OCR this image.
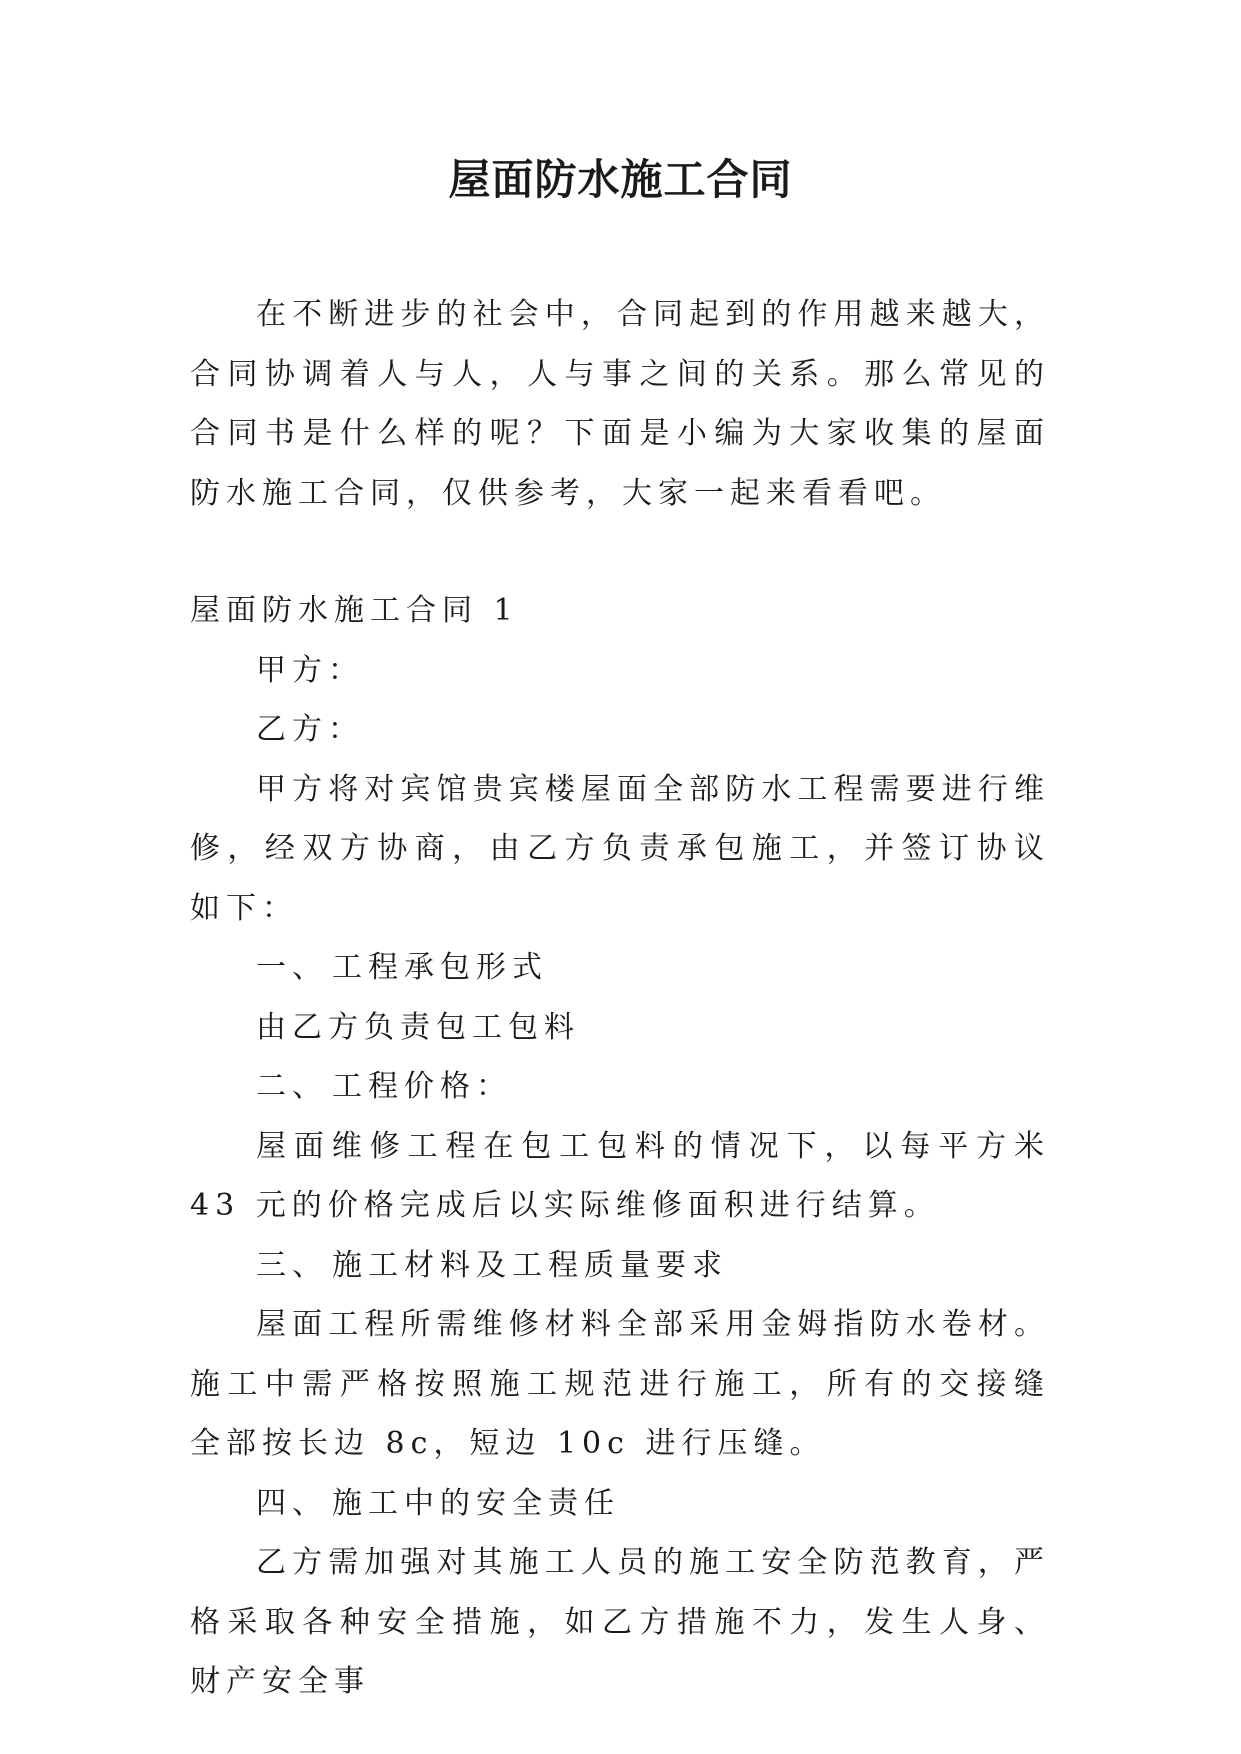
屋面防水施工合同

在不断进步的社会中，合同起到的作用越来越大，合同协调着人与人，人与事之间的关系。那么常见的合同书是什么样的呢？下面是小编为大家收集的屋面防水施工合同，仅供参考，大家一起来看看吧。

屋面防水施工合同 1

甲方：

乙方：

甲方将对宾馆贵宾楼屋面全部防水工程需要进行维修，经双方协商，由乙方负责承包施工，并签订协议如下：

一、 工程承包形式

由乙方负责包工包料

二、 工程价格：

屋面维修工程在包工包料的情况下，以每平方米 43 元的价格完成后以实际维修面积进行结算。

三、 施工材料及工程质量要求

屋面工程所需维修材料全部采用金姆指防水卷材。施工中需严格按照施工规范进行施工，所有的交接缝全部按长边 8c，短边 10c 进行压缝。

四、 施工中的安全责任

乙方需加强对其施工人员的施工安全防范教育，严格采取各种安全措施，如乙方措施不力，发生人身、财产安全事
